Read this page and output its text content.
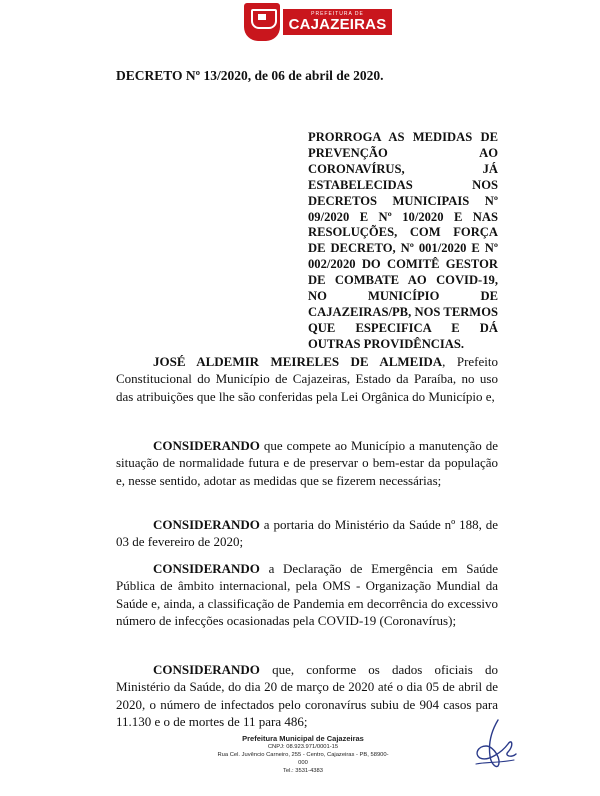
PREFEITURA DE
CAJAZEIRAS
DECRETO Nº 13/2020, de 06 de abril de 2020.

PRORROGA AS MEDIDAS DE PREVENÇÃO AO CORONAVÍRUS, JÁ ESTABELECIDAS NOS DECRETOS MUNICIPAIS Nº 09/2020 E Nº 10/2020 E NAS RESOLUÇÕES, COM FORÇA DE DECRETO, Nº 001/2020 E Nº 002/2020 DO COMITÊ GESTOR DE COMBATE AO COVID-19, NO MUNICÍPIO DE CAJAZEIRAS/PB, NOS TERMOS QUE ESPECIFICA E DÁ OUTRAS PROVIDÊNCIAS.

JOSÉ ALDEMIR MEIRELES DE ALMEIDA, Prefeito Constitucional do Município de Cajazeiras, Estado da Paraíba, no uso das atribuições que lhe são conferidas pela Lei Orgânica do Município e,

CONSIDERANDO que compete ao Município a manutenção de situação de normalidade futura e de preservar o bem-estar da população e, nesse sentido, adotar as medidas que se fizerem necessárias;

CONSIDERANDO a portaria do Ministério da Saúde nº 188, de 03 de fevereiro de 2020;

CONSIDERANDO a Declaração de Emergência em Saúde Pública de âmbito internacional, pela OMS - Organização Mundial da Saúde e, ainda, a classificação de Pandemia em decorrência do excessivo número de infecções ocasionadas pela COVID-19 (Coronavírus);

CONSIDERANDO que, conforme os dados oficiais do Ministério da Saúde, do dia 20 de março de 2020 até o dia 05 de abril de 2020, o número de infectados pelo coronavírus subiu de 904 casos para 11.130 e o de mortes de 11 para 486;

Prefeitura Municipal de Cajazeiras
CNPJ: 08.923.971/0001-15
Rua Cel. Juvêncio Carneiro, 255 - Centro, Cajazeiras - PB, 58900-000
Tel.: 3531-4383
